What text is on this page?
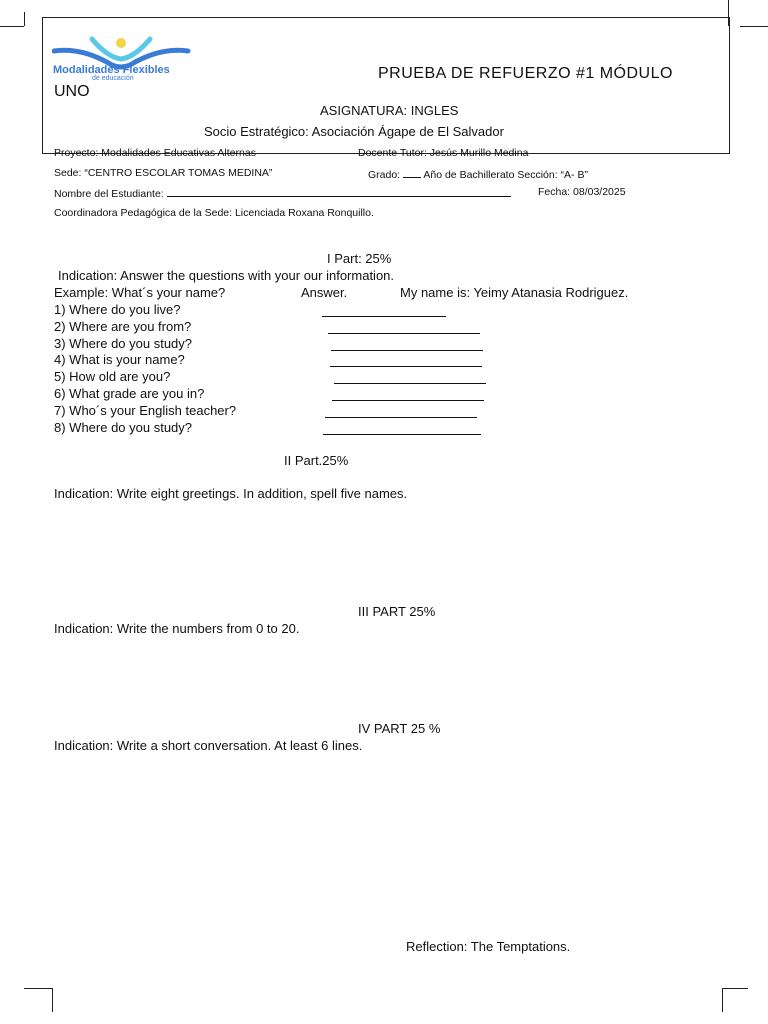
Modalidades Flexibles
de educación	PRUEBA DE REFUERZO #1 MÓDULO
UNO
ASIGNATURA: INGLES
Socio Estratégico: Asociación Ágape de El Salvador
Proyecto: Modalidades Educativas Alternas	Docente Tutor: Jesús Murillo Medina
Sede: “CENTRO ESCOLAR TOMAS MEDINA”	Grado:  Año de Bachillerato Sección: “A- B”
Nombre del Estudiante:	Fecha: 08/03/2025
Coordinadora Pedagógica de la Sede: Licenciada Roxana Ronquillo.
I Part: 25%
Indication: Answer the questions with your our information.
Example: What´s your name?	Answer.	My name is: Yeimy Atanasia Rodriguez.
1) Where do you live?
2) Where are you from?
3) Where do you study?
4) What is your name?
5) How old are you?
6) What grade are you in?
7) Who´s your English teacher?
8) Where do you study?
II Part.25%
Indication: Write eight greetings. In addition, spell five names.
III PART 25%
Indication: Write the numbers from 0 to 20.
IV PART 25 %
Indication: Write a short conversation. At least 6 lines.
Reflection: The Temptations.
